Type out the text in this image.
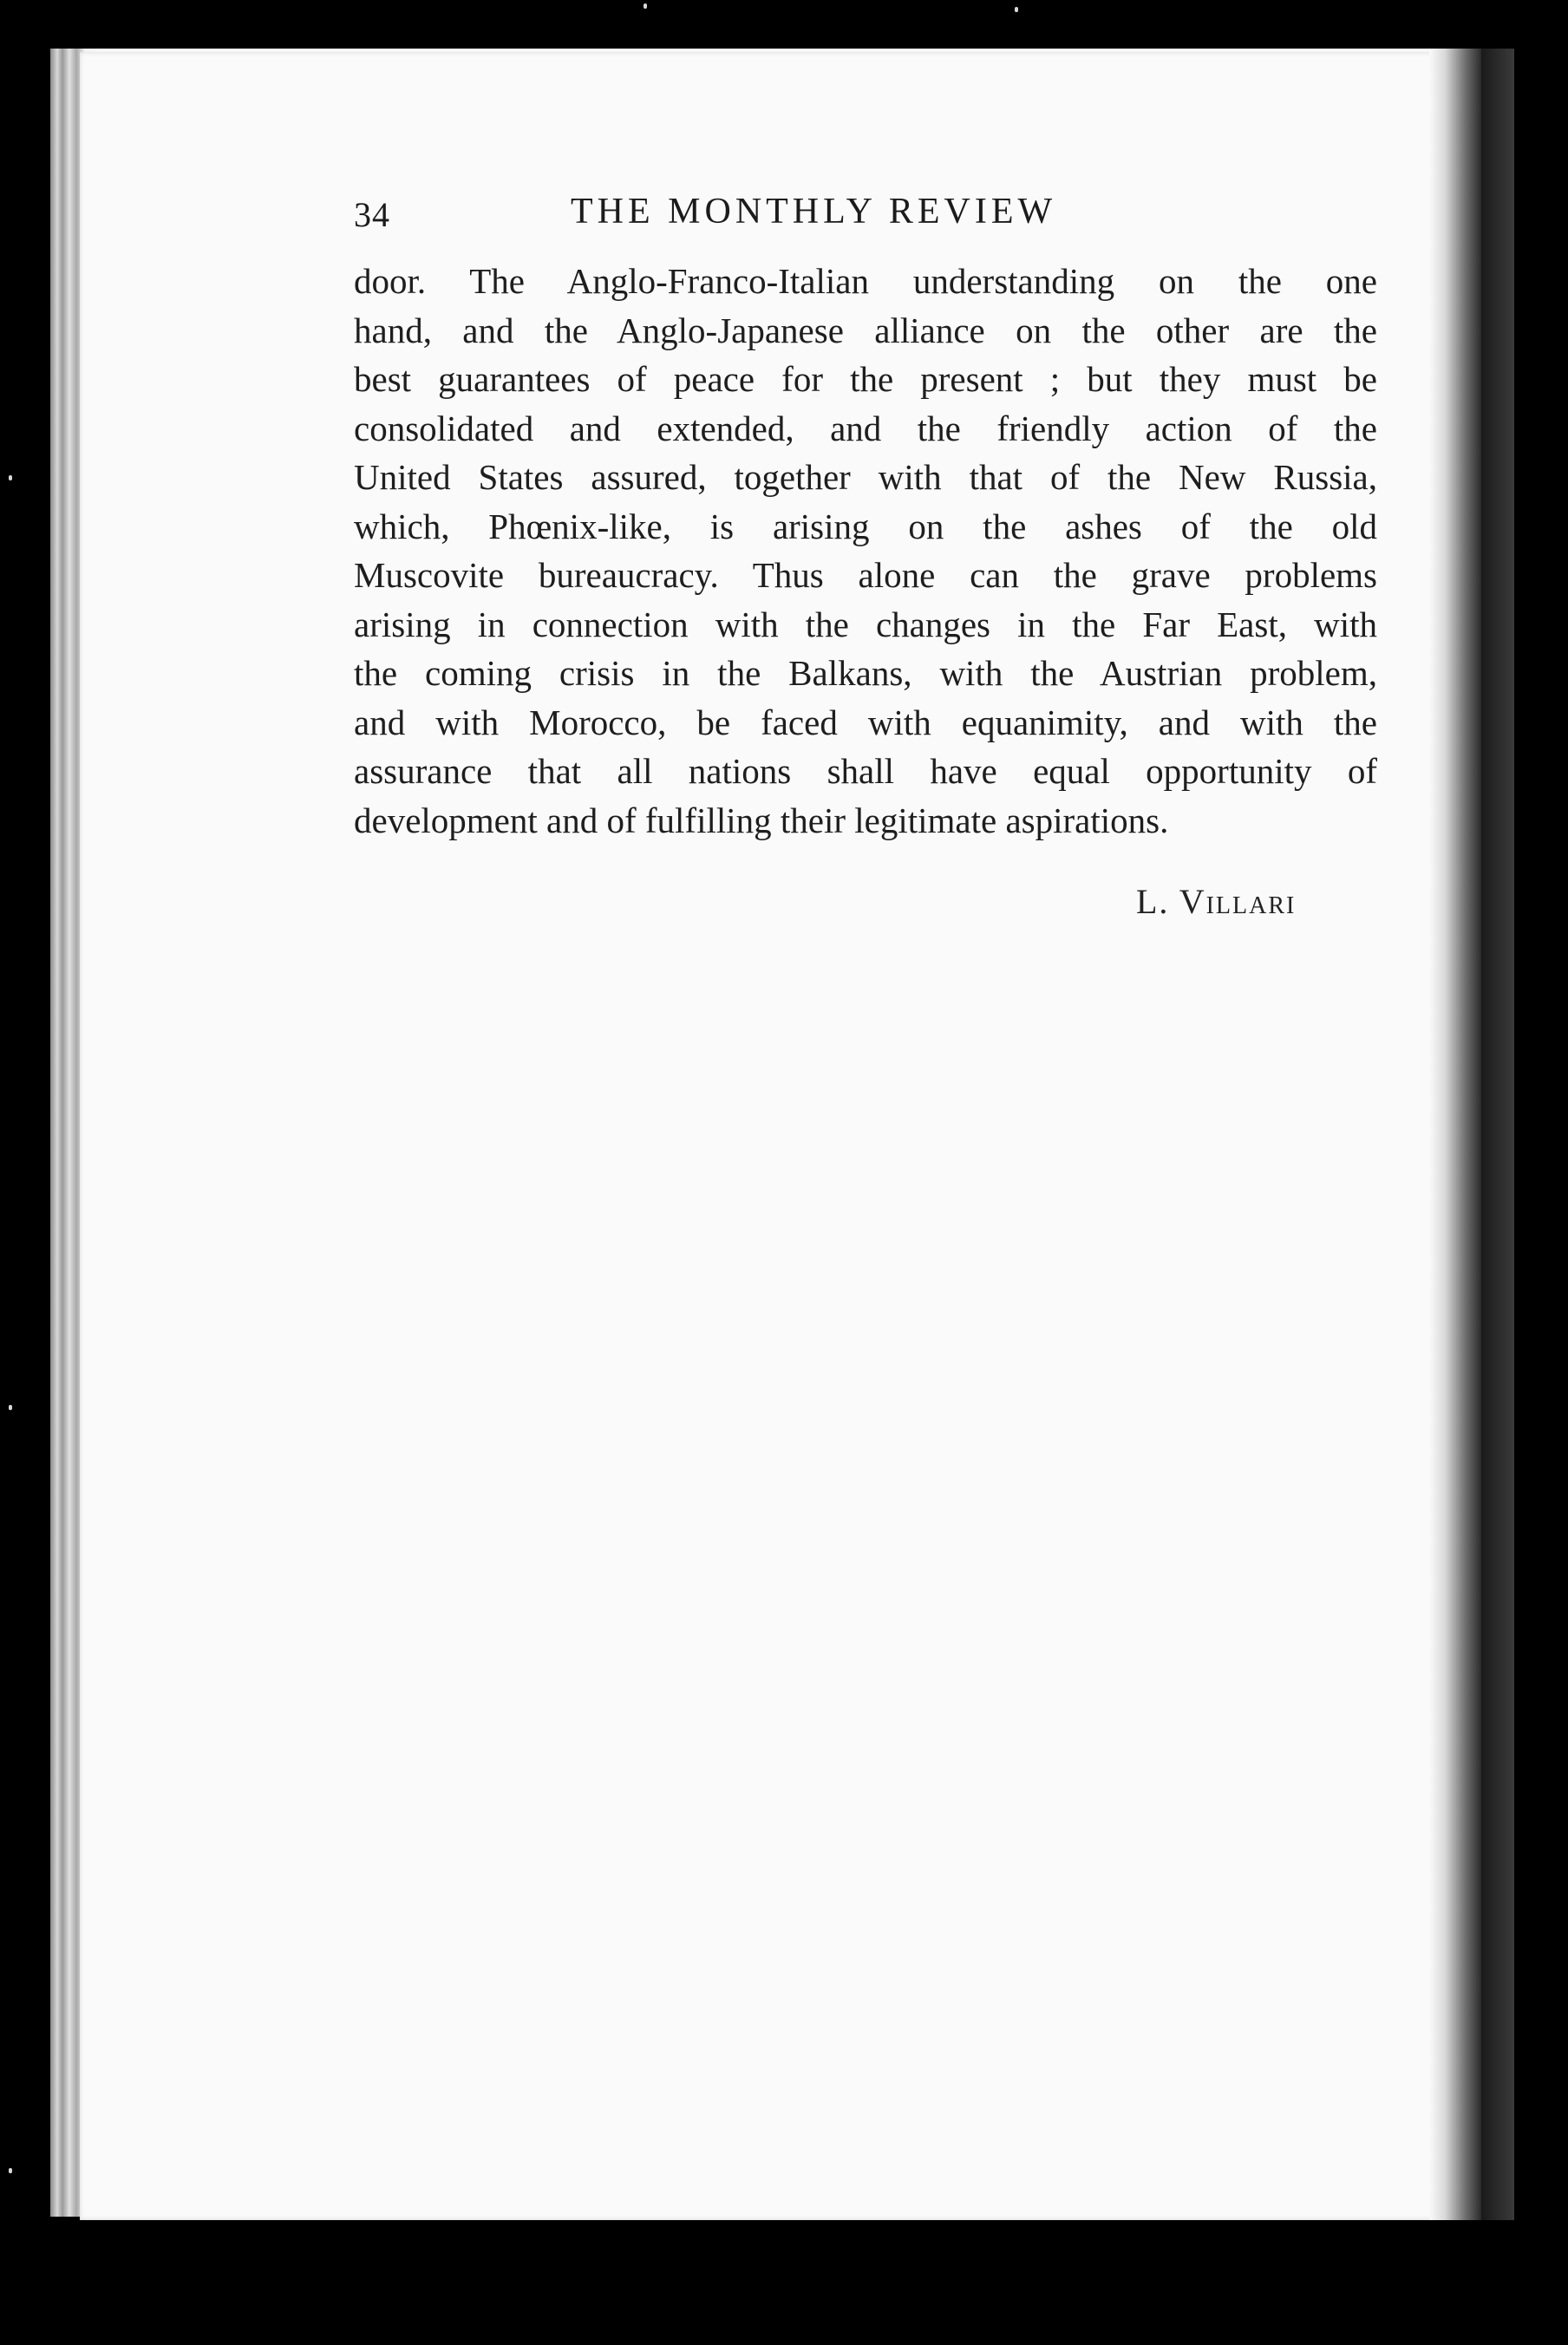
34	THE MONTHLY REVIEW
door. The Anglo-Franco-Italian understanding on the one
hand, and the Anglo-Japanese alliance on the other are the
best guarantees of peace for the present ; but they must be
consolidated and extended, and the friendly action of the
United States assured, together with that of the New Russia,
which, Phœnix-like, is arising on the ashes of the old
Muscovite bureaucracy. Thus alone can the grave problems
arising in connection with the changes in the Far East, with
the coming crisis in the Balkans, with the Austrian problem,
and with Morocco, be faced with equanimity, and with the
assurance that all nations shall have equal opportunity of
development and of fulfilling their legitimate aspirations.
L. Villari
